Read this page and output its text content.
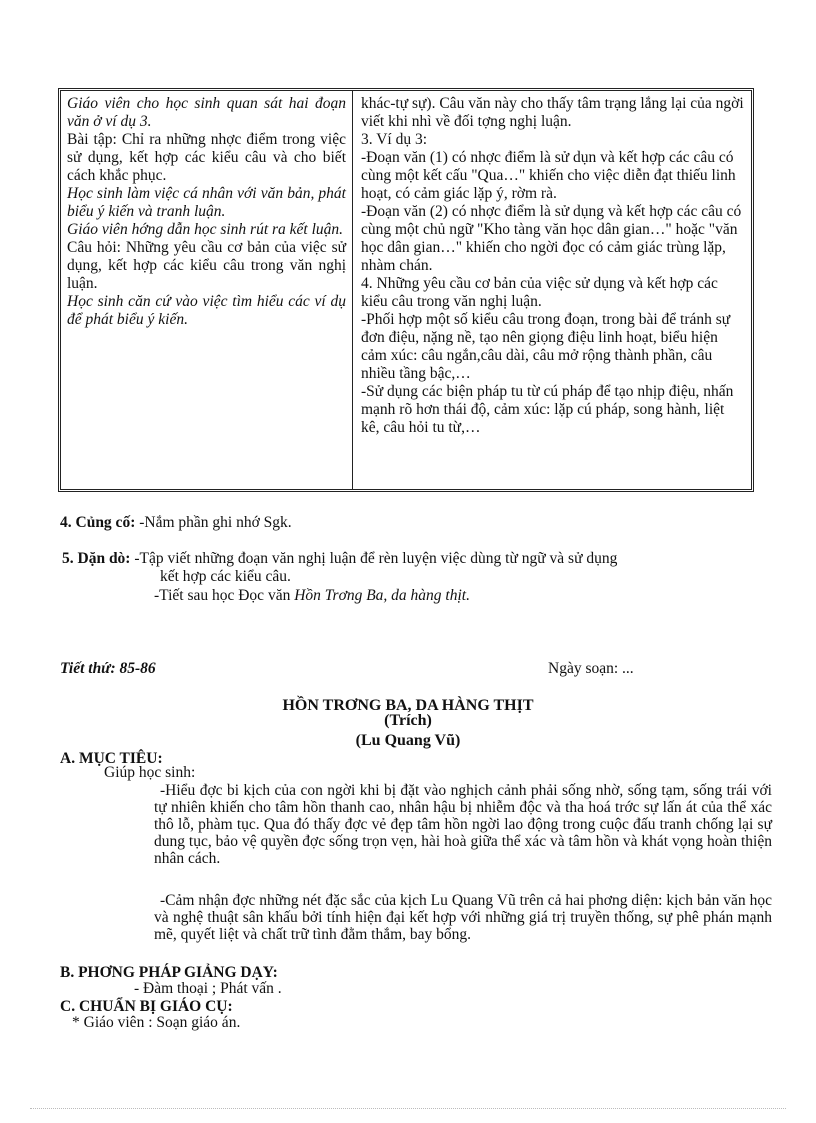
Giáo viên cho học sinh quan sát hai đoạn văn ở ví dụ 3.

Bài tập: Chỉ ra những nhợc điểm trong việc sử dụng, kết hợp các kiểu câu và cho biết cách khắc phục.

Học sinh làm việc cá nhân với văn bản, phát biểu ý kiến và tranh luận.

Giáo viên hớng dẫn học sinh rút ra kết luận.

Câu hỏi: Những yêu cầu cơ bản của việc sử dụng, kết hợp các kiểu câu trong văn nghị luận.

Học sinh căn cứ vào việc tìm hiểu các ví dụ để phát biểu ý kiến.

khác-tự sự). Câu văn này cho thấy tâm trạng lắng lại của ngời viết khi nhì về đối tợng nghị luận.

3. Ví dụ 3:

-Đoạn văn (1) có nhợc điểm là sử dụn và kết hợp các câu có cùng một kết cấu "Qua…" khiến cho việc diễn đạt thiếu linh hoạt, có cảm giác lặp ý, rờm rà.

-Đoạn văn (2) có nhợc điểm là sử dụng và kết hợp các câu có cùng một chủ ngữ "Kho tàng văn học dân gian…" hoặc "văn học dân gian…" khiến cho ngời đọc có cảm giác trùng lặp, nhàm chán.

4. Những yêu cầu cơ bản của việc sử dụng và kết hợp các kiểu câu trong văn nghị luận.

-Phối hợp một số kiểu câu trong đoạn, trong bài để tránh sự đơn điệu, nặng nề, tạo nên giọng điệu linh hoạt, biểu hiện cảm xúc: câu ngắn,câu dài, câu mở rộng thành phần, câu nhiều tầng bậc,…

-Sử dụng các biện pháp tu từ cú pháp để tạo nhịp điệu, nhấn mạnh rõ hơn thái độ, cảm xúc: lặp cú pháp, song hành, liệt kê, câu hỏi tu từ,…

4. Củng cố: -Nắm phần ghi nhớ Sgk.
5. Dặn dò: -Tập viết những đoạn văn nghị luận để rèn luyện việc dùng từ ngữ và sử dụng
kết hợp các kiểu câu.
-Tiết sau học Đọc văn Hồn Trơng Ba, da hàng thịt.
Tiết thứ: 85-86	Ngày soạn: ...
HỒN TRƠNG BA, DA HÀNG THỊT
(Trích)
(Lu Quang Vũ)
A. MỤC TIÊU:
Giúp học sinh:
-Hiểu đợc bi kịch của con ngời khi bị đặt vào nghịch cảnh phải sống nhờ, sống tạm, sống trái với tự nhiên khiến cho tâm hồn thanh cao, nhân hậu bị nhiễm độc và tha hoá trớc sự lấn át của thể xác thô lỗ, phàm tục. Qua đó thấy đợc vẻ đẹp tâm hồn ngời lao động trong cuộc đấu tranh chống lại sự dung tục, bảo vệ quyền đợc sống trọn vẹn, hài hoà giữa thể xác và tâm hồn và khát vọng hoàn thiện nhân cách.
-Cảm nhận đợc những nét đặc sắc của kịch Lu Quang Vũ trên cả hai phơng diện: kịch bản văn học và nghệ thuật sân khấu bởi tính hiện đại kết hợp với những giá trị truyền thống, sự phê phán mạnh mẽ, quyết liệt và chất trữ tình đằm thắm, bay bổng.
B. PHƠNG PHÁP GIẢNG DẠY:
- Đàm thoại ; Phát vấn .
C. CHUẨN BỊ GIÁO CỤ:
* Giáo viên : Soạn giáo án.
